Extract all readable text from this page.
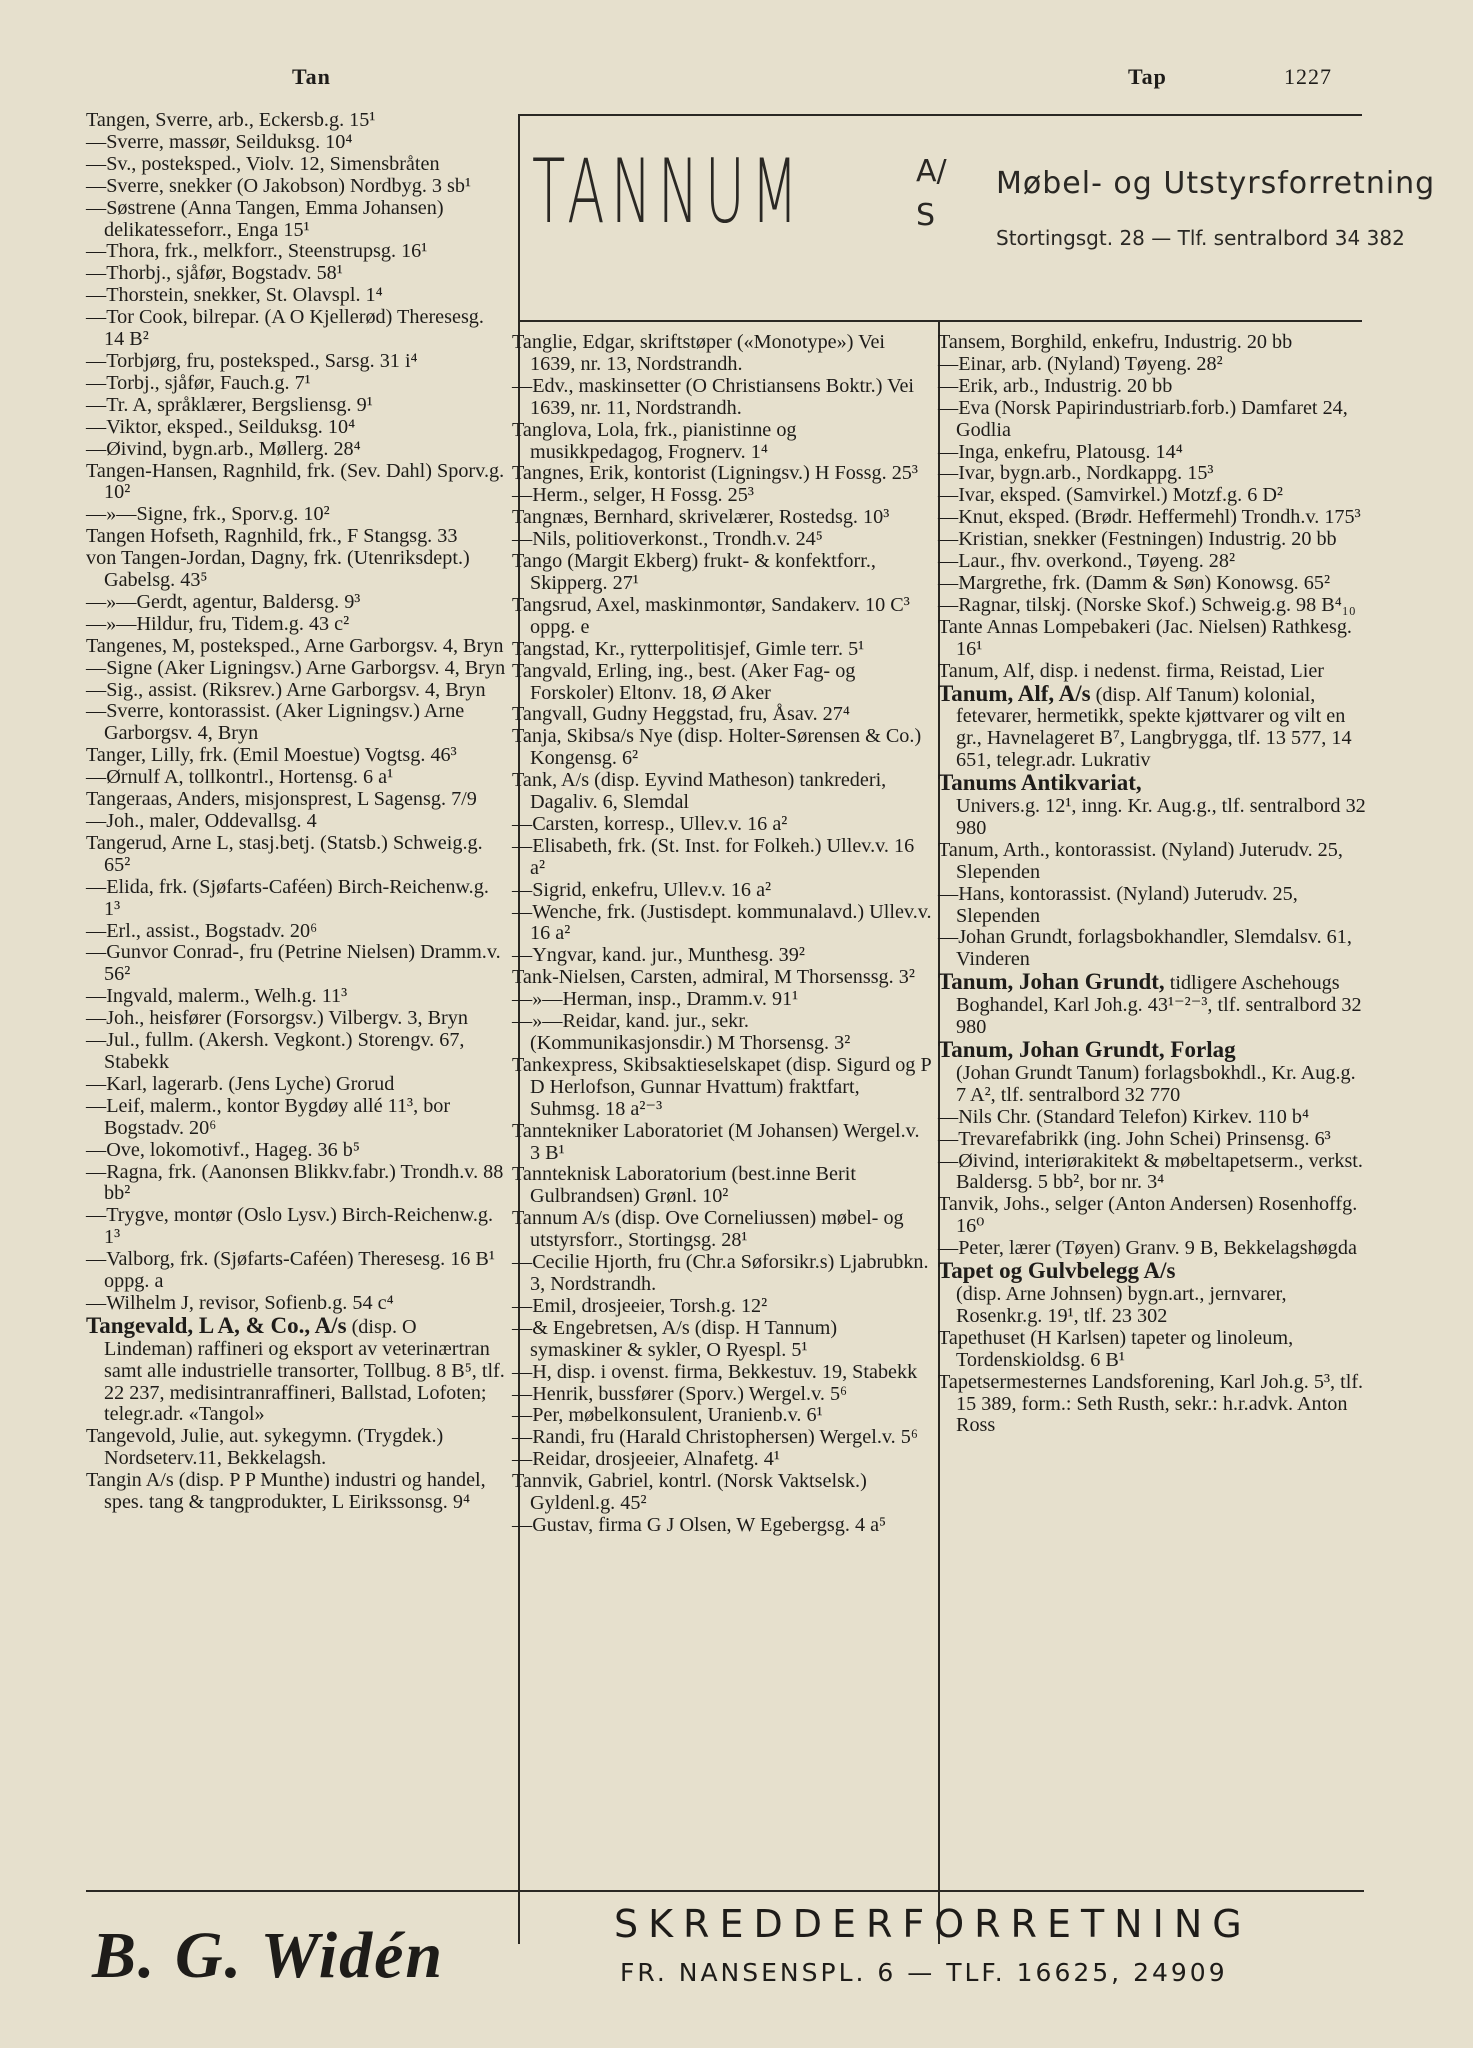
Tan	Tap	1227
TANNUM	A/S
Møbel- og Utstyrsforretning
Stortingsgt. 28 — Tlf. sentralbord 34 382

Tangen, Sverre, arb., Eckersb.g. 15¹

—Sverre, massør, Seilduksg. 10⁴

—Sv., posteksped., Violv. 12, Simensbråten

—Sverre, snekker (O Jakobson) Nordbyg. 3 sb¹

—Søstrene (Anna Tangen, Emma Johansen) delikatesseforr., Enga 15¹

—Thora, frk., melkforr., Steenstrupsg. 16¹

—Thorbj., sjåfør, Bogstadv. 58¹

—Thorstein, snekker, St. Olavspl. 1⁴

—Tor Cook, bilrepar. (A O Kjellerød) Theresesg. 14 B²

—Torbjørg, fru, posteksped., Sarsg. 31 i⁴

—Torbj., sjåfør, Fauch.g. 7¹

—Tr. A, språklærer, Bergsliensg. 9¹

—Viktor, eksped., Seilduksg. 10⁴

—Øivind, bygn.arb., Møllerg. 28⁴

Tangen-Hansen, Ragnhild, frk. (Sev. Dahl) Sporv.g. 10²

—»—Signe, frk., Sporv.g. 10²

Tangen Hofseth, Ragnhild, frk., F Stangsg. 33

von Tangen-Jordan, Dagny, frk. (Utenriksdept.) Gabelsg. 43⁵

—»—Gerdt, agentur, Baldersg. 9³

—»—Hildur, fru, Tidem.g. 43 c²

Tangenes, M, posteksped., Arne Garborgsv. 4, Bryn

—Signe (Aker Ligningsv.) Arne Garborgsv. 4, Bryn

—Sig., assist. (Riksrev.) Arne Garborgsv. 4, Bryn

—Sverre, kontorassist. (Aker Ligningsv.) Arne Garborgsv. 4, Bryn

Tanger, Lilly, frk. (Emil Moestue) Vogtsg. 46³

—Ørnulf A, tollkontrl., Hortensg. 6 a¹

Tangeraas, Anders, misjonsprest, L Sagensg. 7/9

—Joh., maler, Oddevallsg. 4

Tangerud, Arne L, stasj.betj. (Statsb.) Schweig.g. 65²

—Elida, frk. (Sjøfarts-Caféen) Birch-Reichenw.g. 1³

—Erl., assist., Bogstadv. 20⁶

—Gunvor Conrad-, fru (Petrine Nielsen) Dramm.v. 56²

—Ingvald, malerm., Welh.g. 11³

—Joh., heisfører (Forsorgsv.) Vilbergv. 3, Bryn

—Jul., fullm. (Akersh. Vegkont.) Storengv. 67, Stabekk

—Karl, lagerarb. (Jens Lyche) Grorud

—Leif, malerm., kontor Bygdøy allé 11³, bor Bogstadv. 20⁶

—Ove, lokomotivf., Hageg. 36 b⁵

—Ragna, frk. (Aanonsen Blikkv.fabr.) Trondh.v. 88 bb²

—Trygve, montør (Oslo Lysv.) Birch-Reichenw.g. 1³

—Valborg, frk. (Sjøfarts-Caféen) Theresesg. 16 B¹ oppg. a

—Wilhelm J, revisor, Sofienb.g. 54 c⁴

Tangevald, L A, & Co., A/s (disp. O Lindeman) raffineri og eksport av veterinærtran samt alle industrielle transorter, Tollbug. 8 B⁵, tlf. 22 237, medisintranraffineri, Ballstad, Lofoten; telegr.adr. «Tangol»

Tangevold, Julie, aut. sykegymn. (Trygdek.) Nordseterv.11, Bekkelagsh.

Tangin A/s (disp. P P Munthe) industri og handel, spes. tang & tangprodukter, L Eirikssonsg. 9⁴

Tanglie, Edgar, skriftstøper («Monotype») Vei 1639, nr. 13, Nordstrandh.

—Edv., maskinsetter (O Christiansens Boktr.) Vei 1639, nr. 11, Nordstrandh.

Tanglova, Lola, frk., pianistinne og musikkpedagog, Frognerv. 1⁴

Tangnes, Erik, kontorist (Ligningsv.) H Fossg. 25³

—Herm., selger, H Fossg. 25³

Tangnæs, Bernhard, skrivelærer, Rostedsg. 10³

—Nils, politioverkonst., Trondh.v. 24⁵

Tango (Margit Ekberg) frukt- & konfektforr., Skipperg. 27¹

Tangsrud, Axel, maskinmontør, Sandakerv. 10 C³ oppg. e

Tangstad, Kr., rytterpolitisjef, Gimle terr. 5¹

Tangvald, Erling, ing., best. (Aker Fag- og Forskoler) Eltonv. 18, Ø Aker

Tangvall, Gudny Heggstad, fru, Åsav. 27⁴

Tanja, Skibsa/s Nye (disp. Holter-Sørensen & Co.) Kongensg. 6²

Tank, A/s (disp. Eyvind Matheson) tankrederi, Dagaliv. 6, Slemdal

—Carsten, korresp., Ullev.v. 16 a²

—Elisabeth, frk. (St. Inst. for Folkeh.) Ullev.v. 16 a²

—Sigrid, enkefru, Ullev.v. 16 a²

—Wenche, frk. (Justisdept. kommunalavd.) Ullev.v. 16 a²

—Yngvar, kand. jur., Munthesg. 39²

Tank-Nielsen, Carsten, admiral, M Thorsenssg. 3²

—»—Herman, insp., Dramm.v. 91¹

—»—Reidar, kand. jur., sekr. (Kommunikasjonsdir.) M Thorsensg. 3²

Tankexpress, Skibsaktieselskapet (disp. Sigurd og P D Herlofson, Gunnar Hvattum) fraktfart, Suhmsg. 18 a²⁻³

Tanntekniker Laboratoriet (M Johansen) Wergel.v. 3 B¹

Tannteknisk Laboratorium (best.inne Berit Gulbrandsen) Grønl. 10²

Tannum A/s (disp. Ove Corneliussen) møbel- og utstyrsforr., Stortingsg. 28¹

—Cecilie Hjorth, fru (Chr.a Søforsikr.s) Ljabrubkn. 3, Nordstrandh.

—Emil, drosjeeier, Torsh.g. 12²

—& Engebretsen, A/s (disp. H Tannum) symaskiner & sykler, O Ryespl. 5¹

—H, disp. i ovenst. firma, Bekkestuv. 19, Stabekk

—Henrik, bussfører (Sporv.) Wergel.v. 5⁶

—Per, møbelkonsulent, Uranienb.v. 6¹

—Randi, fru (Harald Christophersen) Wergel.v. 5⁶

—Reidar, drosjeeier, Alnafetg. 4¹

Tannvik, Gabriel, kontrl. (Norsk Vaktselsk.) Gyldenl.g. 45²

—Gustav, firma G J Olsen, W Egebergsg. 4 a⁵

Tansem, Borghild, enkefru, Industrig. 20 bb

—Einar, arb. (Nyland) Tøyeng. 28²

—Erik, arb., Industrig. 20 bb

—Eva (Norsk Papirindustriarb.forb.) Damfaret 24, Godlia

—Inga, enkefru, Platousg. 14⁴

—Ivar, bygn.arb., Nordkappg. 15³

—Ivar, eksped. (Samvirkel.) Motzf.g. 6 D²

—Knut, eksped. (Brødr. Heffermehl) Trondh.v. 175³

—Kristian, snekker (Festningen) Industrig. 20 bb

—Laur., fhv. overkond., Tøyeng. 28²

—Margrethe, frk. (Damm & Søn) Konowsg. 65²

—Ragnar, tilskj. (Norske Skof.) Schweig.g. 98 B⁴₁₀

Tante Annas Lompebakeri (Jac. Nielsen) Rathkesg. 16¹

Tanum, Alf, disp. i nedenst. firma, Reistad, Lier

Tanum, Alf, A/s (disp. Alf Tanum) kolonial, fetevarer, hermetikk, spekte kjøttvarer og vilt en gr., Havnelageret B⁷, Langbrygga, tlf. 13 577, 14 651, telegr.adr. Lukrativ

Tanums Antikvariat,
Univers.g. 12¹, inng. Kr. Aug.g., tlf. sentralbord 32 980

Tanum, Arth., kontorassist. (Nyland) Juterudv. 25, Slependen

—Hans, kontorassist. (Nyland) Juterudv. 25, Slependen

—Johan Grundt, forlagsbokhandler, Slemdalsv. 61, Vinderen

Tanum, Johan Grundt, tidligere Aschehougs Boghandel, Karl Joh.g. 43¹⁻²⁻³, tlf. sentralbord 32 980

Tanum, Johan Grundt, Forlag
(Johan Grundt Tanum) forlagsbokhdl., Kr. Aug.g. 7 A², tlf. sentralbord 32 770

—Nils Chr. (Standard Telefon) Kirkev. 110 b⁴

—Trevarefabrikk (ing. John Schei) Prinsensg. 6³

—Øivind, interiørakitekt & møbeltapetserm., verkst. Baldersg. 5 bb², bor nr. 3⁴

Tanvik, Johs., selger (Anton Andersen) Rosenhoffg. 16⁰

—Peter, lærer (Tøyen) Granv. 9 B, Bekkelagshøgda

Tapet og Gulvbelegg A/s
(disp. Arne Johnsen) bygn.art., jernvarer, Rosenkr.g. 19¹, tlf. 23 302

Tapethuset (H Karlsen) tapeter og linoleum, Tordenskioldsg. 6 B¹

Tapetsermesternes Landsforening, Karl Joh.g. 5³, tlf. 15 389, form.: Seth Rusth, sekr.: h.r.advk. Anton Ross

B. G. Widén	SKREDDERFORRETNING
FR. NANSENSPL. 6 — TLF. 16625, 24909
